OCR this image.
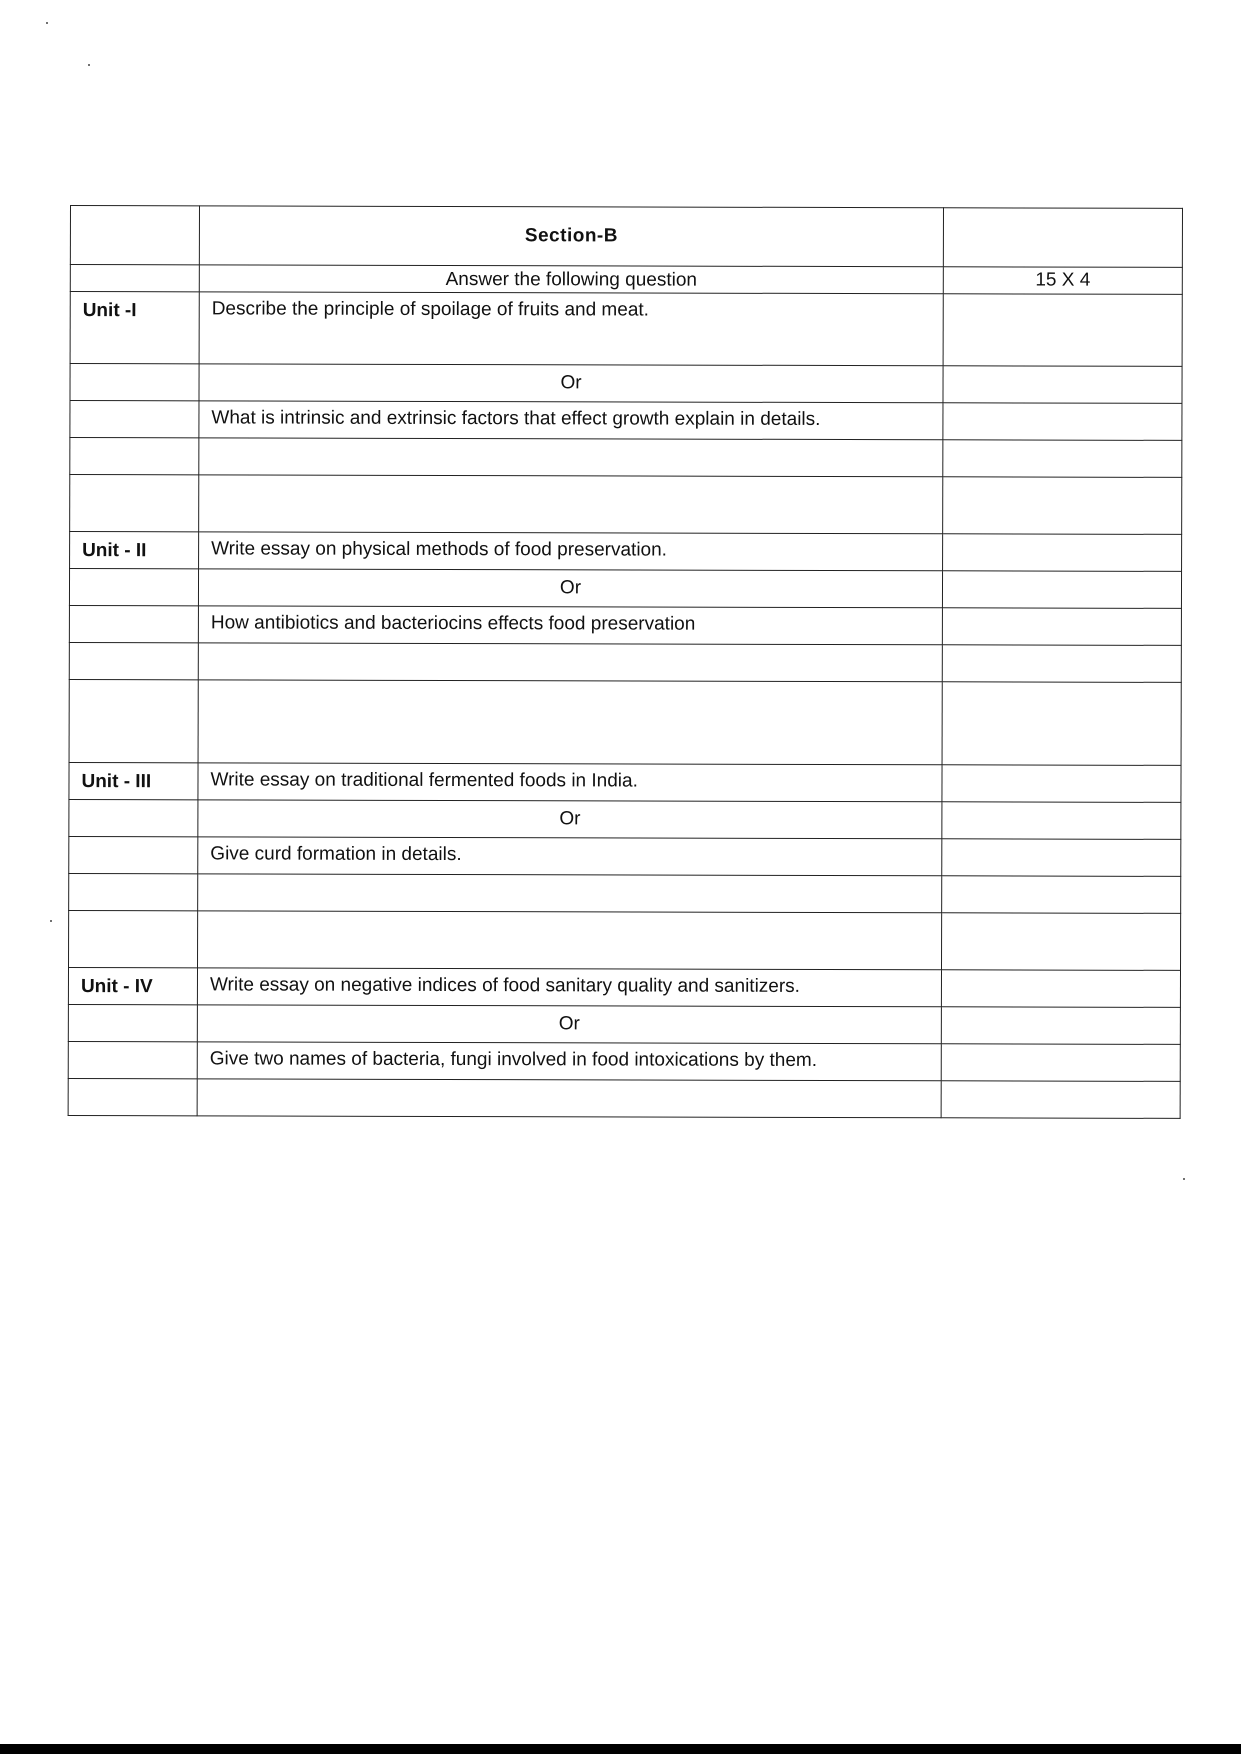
	Section-B	
	Answer the following question	15 X 4
Unit -I	Describe the principle of spoilage of fruits and meat.	
	Or	
	What is intrinsic and extrinsic factors that effect growth explain in details.	

Unit - II	Write essay on physical methods of food preservation.	
	Or	
	How antibiotics and bacteriocins effects food preservation	

Unit - III	Write essay on traditional fermented foods in India.	
	Or	
	Give curd formation in details.	

Unit - IV	Write essay on negative indices of food sanitary quality and sanitizers.	
	Or	
	Give two names of bacteria, fungi involved in food intoxications by them.	
